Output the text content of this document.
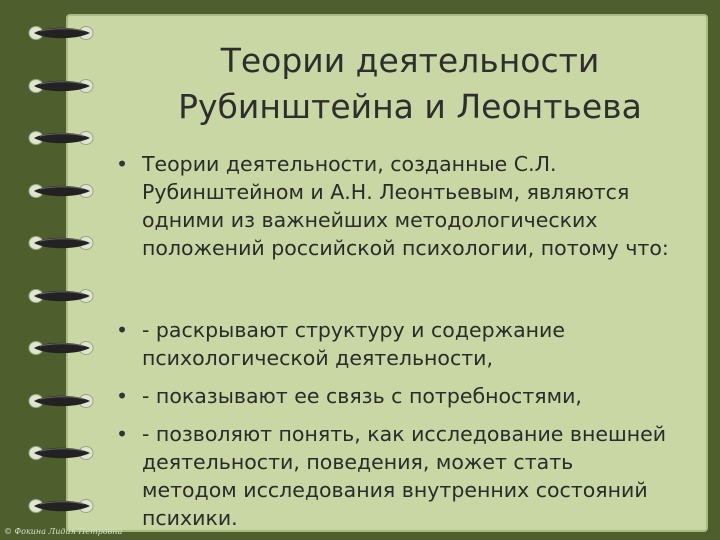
Теории деятельности
Рубинштейна и Леонтьева
• Теории деятельности, созданные С.Л. Рубинштейном и А.Н. Леонтьевым, являются одними из важнейших методологических положений российской психологии, потому что:
• - раскрывают структуру и содержание психологической деятельности,
• - показывают ее связь с потребностями,
• - позволяют понять, как исследование внешней деятельности, поведения, может стать методом исследования внутренних состояний психики.
© Фокина Лидия Петровна
